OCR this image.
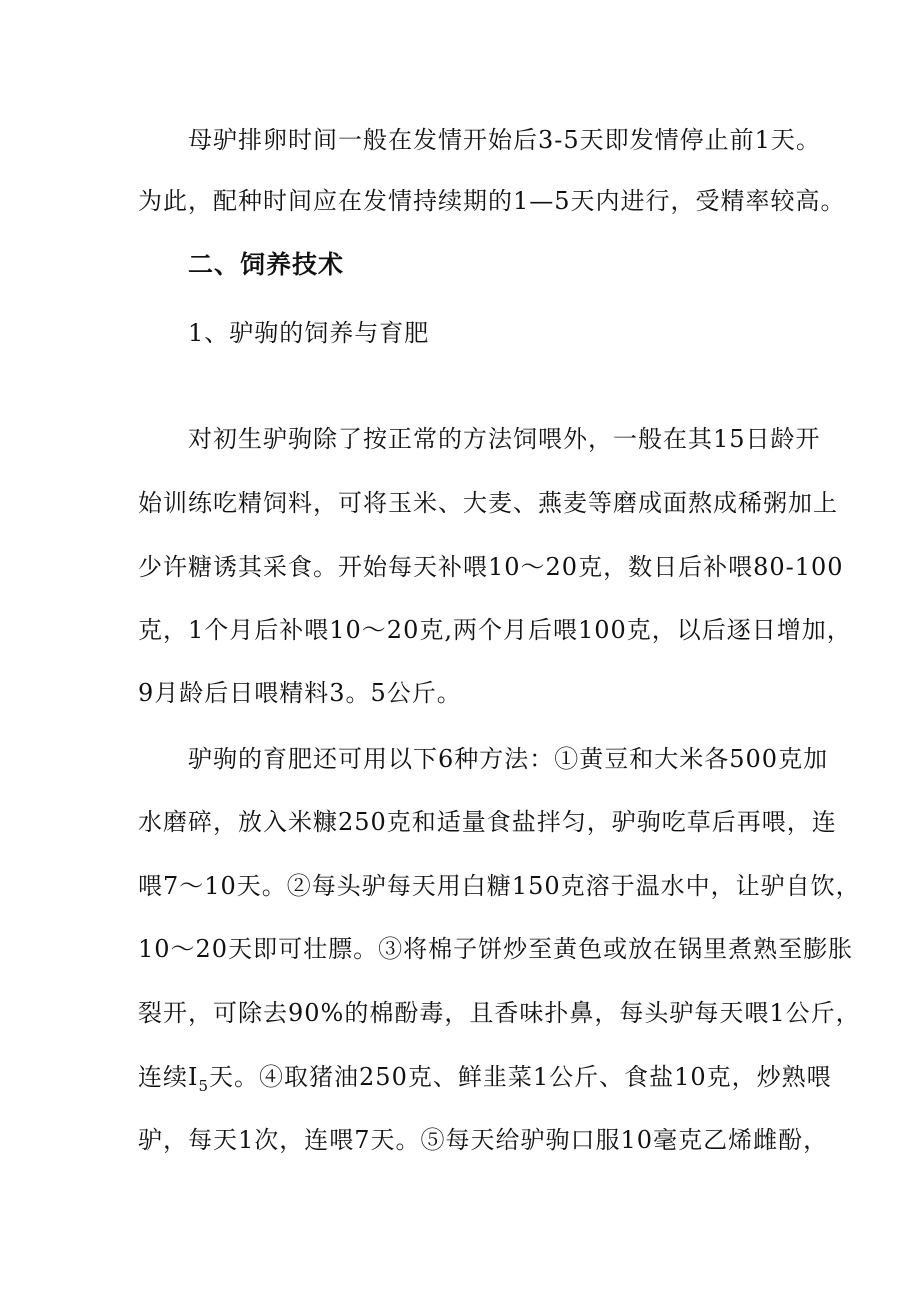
母驴排卵时间一般在发情开始后3-5天即发情停止前1天。
为此，配种时间应在发情持续期的1—5天内进行，受精率较高。
二、饲养技术
1、驴驹的饲养与育肥
对初生驴驹除了按正常的方法饲喂外，一般在其15日龄开
始训练吃精饲料，可将玉米、大麦、燕麦等磨成面熬成稀粥加上
少许糖诱其采食。开始每天补喂10～20克，数日后补喂80-100
克，1个月后补喂10～20克,两个月后喂100克，以后逐日增加，
9月龄后日喂精料3。5公斤。
驴驹的育肥还可用以下6种方法：①黄豆和大米各500克加
水磨碎，放入米糠250克和适量食盐拌匀，驴驹吃草后再喂，连
喂7～10天。②每头驴每天用白糖150克溶于温水中，让驴自饮，
10～20天即可壮膘。③将棉子饼炒至黄色或放在锅里煮熟至膨胀
裂开，可除去90%的棉酚毒，且香味扑鼻，每头驴每天喂1公斤，
连续$I_5$天。④取猪油250克、鲜韭菜1公斤、食盐10克，炒熟喂
驴，每天1次，连喂7天。⑤每天给驴驹口服10毫克乙烯雌酚，
